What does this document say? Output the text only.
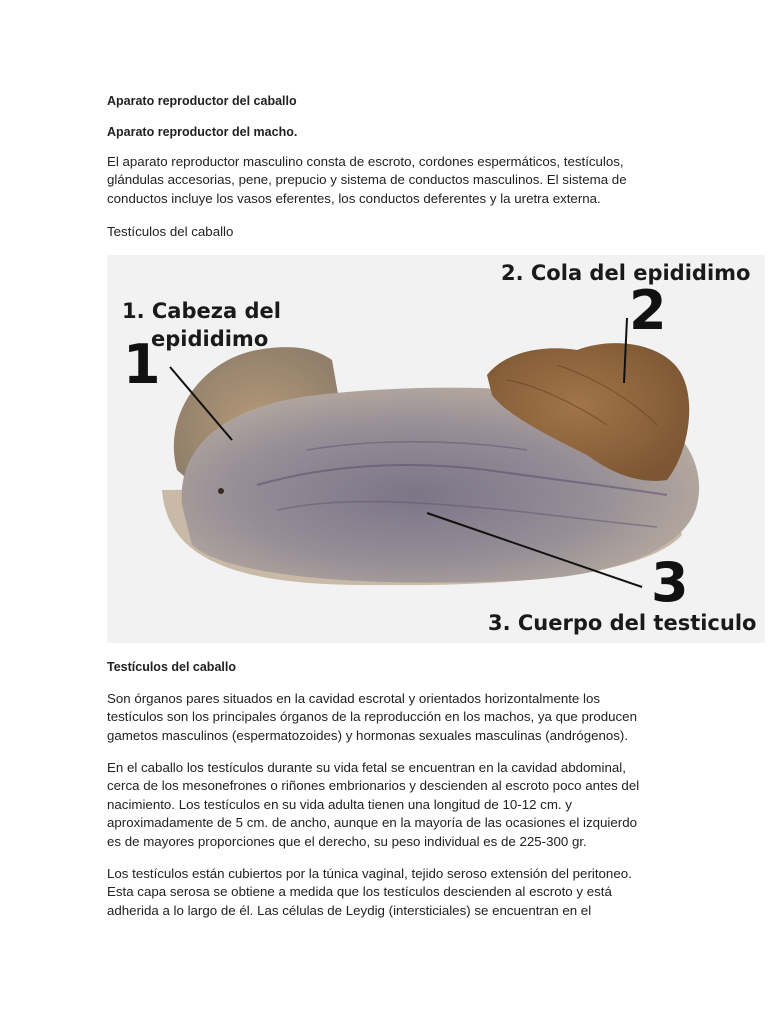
Aparato reproductor del caballo
Aparato reproductor del macho.
El aparato reproductor masculino consta de escroto, cordones espermáticos, testículos,
glándulas accesorias, pene, prepucio y sistema de conductos masculinos. El sistema de
conductos incluye los vasos eferentes, los conductos deferentes y la uretra externa.
Testículos del caballo
Testículos del caballo
Son órganos pares situados en la cavidad escrotal y orientados horizontalmente los
testículos son los principales órganos de la reproducción en los machos, ya que producen
gametos masculinos (espermatozoides) y hormonas sexuales masculinas (andrógenos).
En el caballo los testículos durante su vida fetal se encuentran en la cavidad abdominal,
cerca de los mesonefrones o riñones embrionarios y descienden al escroto poco antes del
nacimiento. Los testículos en su vida adulta tienen una longitud de 10-12 cm. y
aproximadamente de 5 cm. de ancho, aunque en la mayoría de las ocasiones el izquierdo
es de mayores proporciones que el derecho, su peso individual es de 225-300 gr.
Los testículos están cubiertos por la túnica vaginal, tejido seroso extensión del peritoneo.
Esta capa serosa se obtiene a medida que los testículos descienden al escroto y está
adherida a lo largo de él. Las células de Leydig (intersticiales) se encuentran en el
1. Cabeza del
epididimo
1
2. Cola del epididimo
2
3
3. Cuerpo del testiculo
